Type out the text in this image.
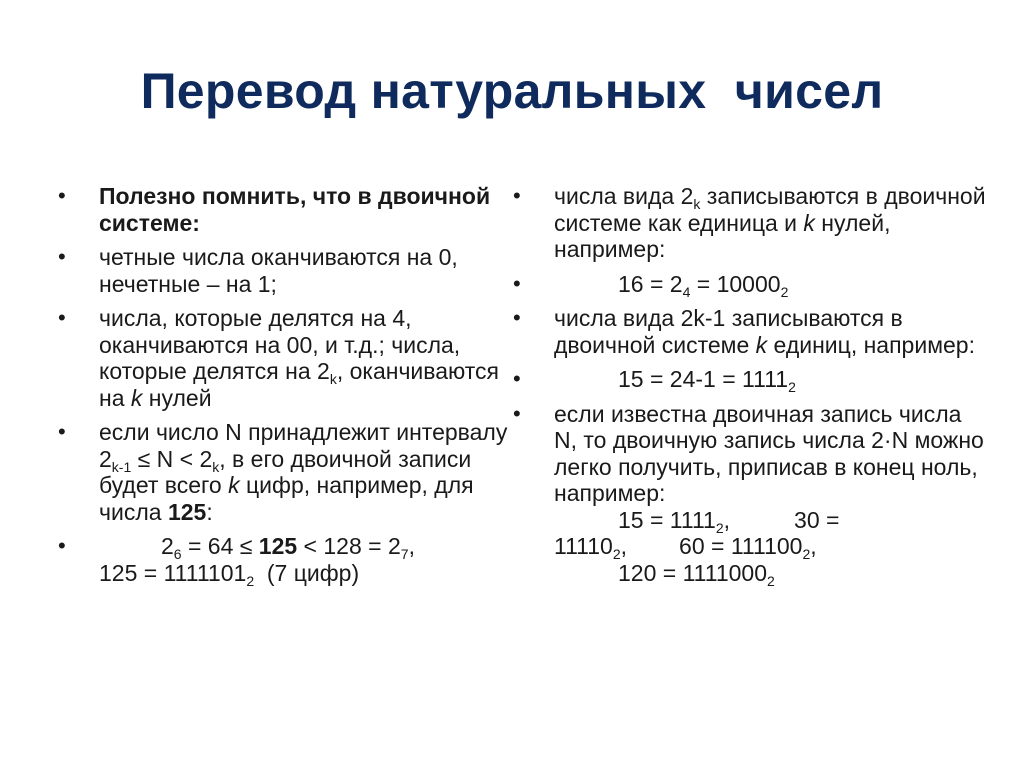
Перевод натуральных  чисел
• Полезно помнить, что в двоичной системе:
• четные числа оканчиваются на 0, нечетные – на 1;
• числа, которые делятся на 4, оканчиваются на 00, и т.д.; числа, которые делятся на $2_k$, оканчиваются на k нулей
• если число N принадлежит интервалу $2_{k-1} \le N < 2_k$, в его двоичной записи будет всего k цифр, например, для числа 125:
•	$2_6 = 64 \le 125 < 128 = 2_7$,
$125 = 1111101_2$  (7 цифр)
• числа вида $2_k$ записываются в двоичной системе как единица и k нулей, например:
•	$16 = 2_4 = 10000_2$
• числа вида 2k-1 записываются в двоичной системе k единиц, например:
•	$15 = 24-1 = 1111_2$
• если известна двоичная запись числа N, то двоичную запись числа 2·N можно легко получить, приписав в конец ноль, например:
$15 = 1111_2$,	30 =
$11110_2$, $60 = 111100_2$,
$120 = 1111000_2$
